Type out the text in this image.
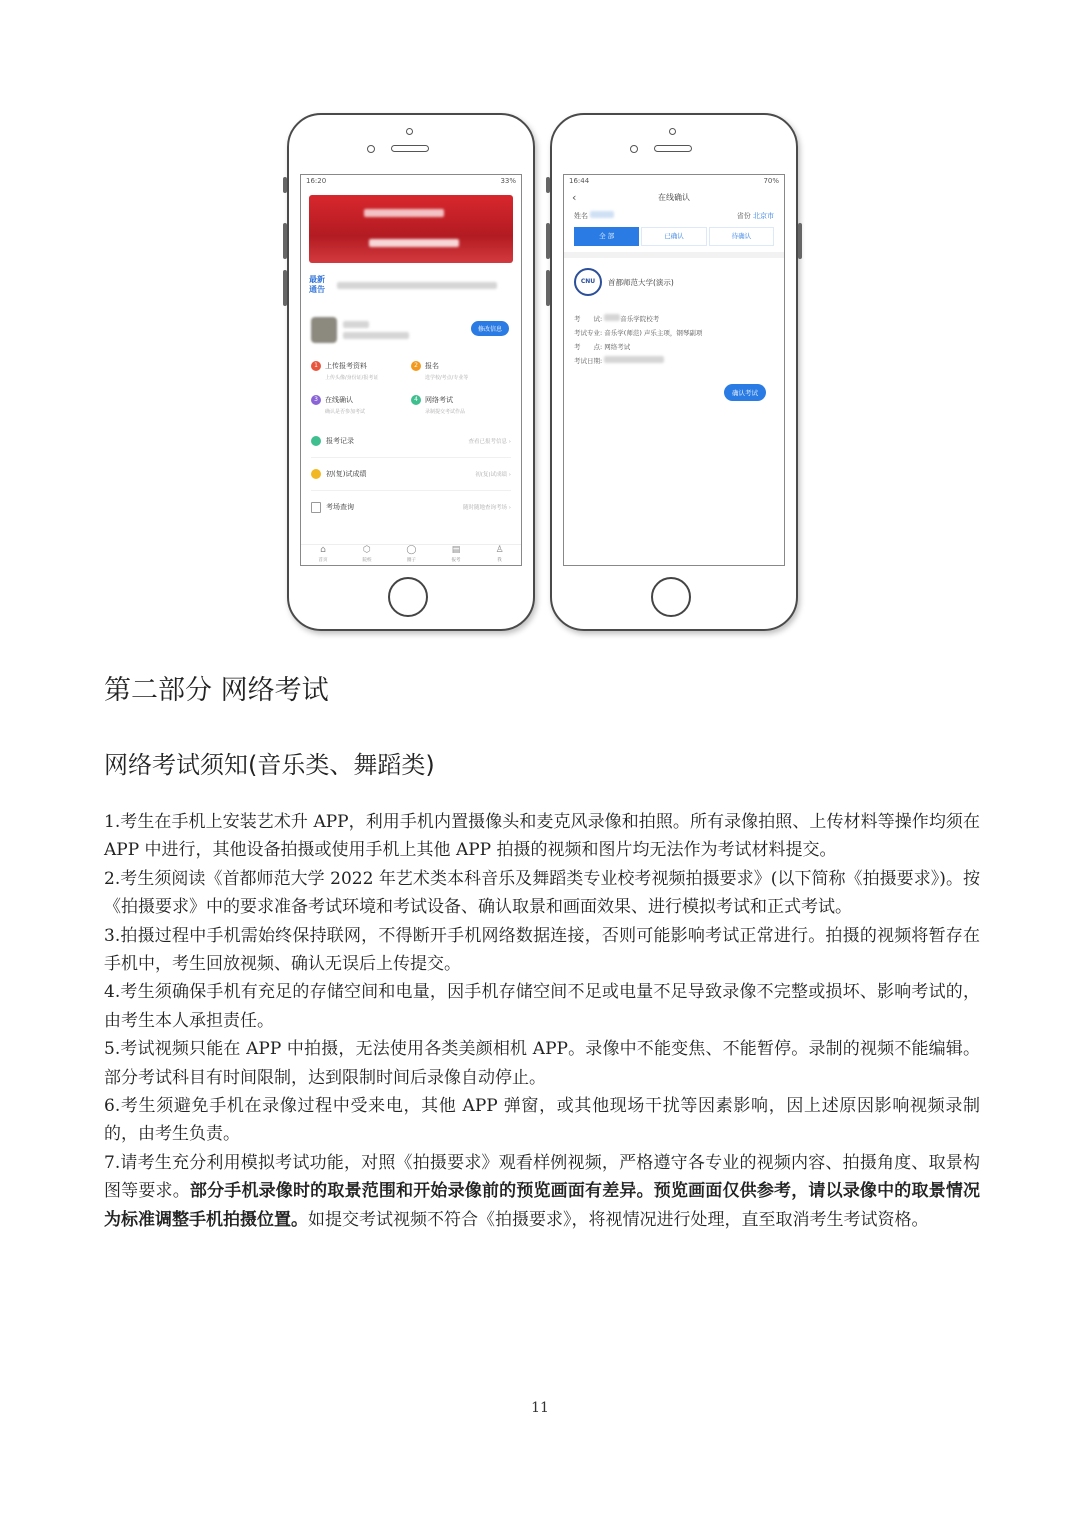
16:20	33%
最新通告
修改信息
1	上传报考资料
上传头像/身份证/报考证
2	报名
选学校/考点/专业等
3	在线确认
确认是否参加考试
4	网络考试
录制提交考试作品
报考记录	查看已报考信息 ›
初(复)试成绩	初(复)试成绩 ›
考场查询	随时随地查询考场 ›
⌂
首页
⬡
院校
◯
圈子
▤
报考
♙
我
16:44	70%
‹	在线确认
姓名	省份 北京市
全 部	已确认	待确认
CNU	首都师范大学(演示)
考　　试:	音乐学院校考
考试专业: 音乐学(师范) 声乐主项，钢琴副项
考　　点: 网络考试
考试日期:
确认考试
第二部分 网络考试
网络考试须知(音乐类、舞蹈类)

1.考生在手机上安装艺术升 APP，利用手机内置摄像头和麦克风录像和拍照。所有录像拍照、上传材料等操作均须在 APP 中进行，其他设备拍摄或使用手机上其他 APP 拍摄的视频和图片均无法作为考试材料提交。

2.考生须阅读《首都师范大学 2022 年艺术类本科音乐及舞蹈类专业校考视频拍摄要求》(以下简称《拍摄要求》)。按《拍摄要求》中的要求准备考试环境和考试设备、确认取景和画面效果、进行模拟考试和正式考试。

3.拍摄过程中手机需始终保持联网，不得断开手机网络数据连接，否则可能影响考试正常进行。拍摄的视频将暂存在手机中，考生回放视频、确认无误后上传提交。

4.考生须确保手机有充足的存储空间和电量，因手机存储空间不足或电量不足导致录像不完整或损坏、影响考试的，由考生本人承担责任。

5.考试视频只能在 APP 中拍摄，无法使用各类美颜相机 APP。录像中不能变焦、不能暂停。录制的视频不能编辑。部分考试科目有时间限制，达到限制时间后录像自动停止。

6.考生须避免手机在录像过程中受来电，其他 APP 弹窗，或其他现场干扰等因素影响，因上述原因影响视频录制的，由考生负责。

7.请考生充分利用模拟考试功能，对照《拍摄要求》观看样例视频，严格遵守各专业的视频内容、拍摄角度、取景构图等要求。部分手机录像时的取景范围和开始录像前的预览画面有差异。预览画面仅供参考，请以录像中的取景情况为标准调整手机拍摄位置。如提交考试视频不符合《拍摄要求》，将视情况进行处理，直至取消考生考试资格。

11
